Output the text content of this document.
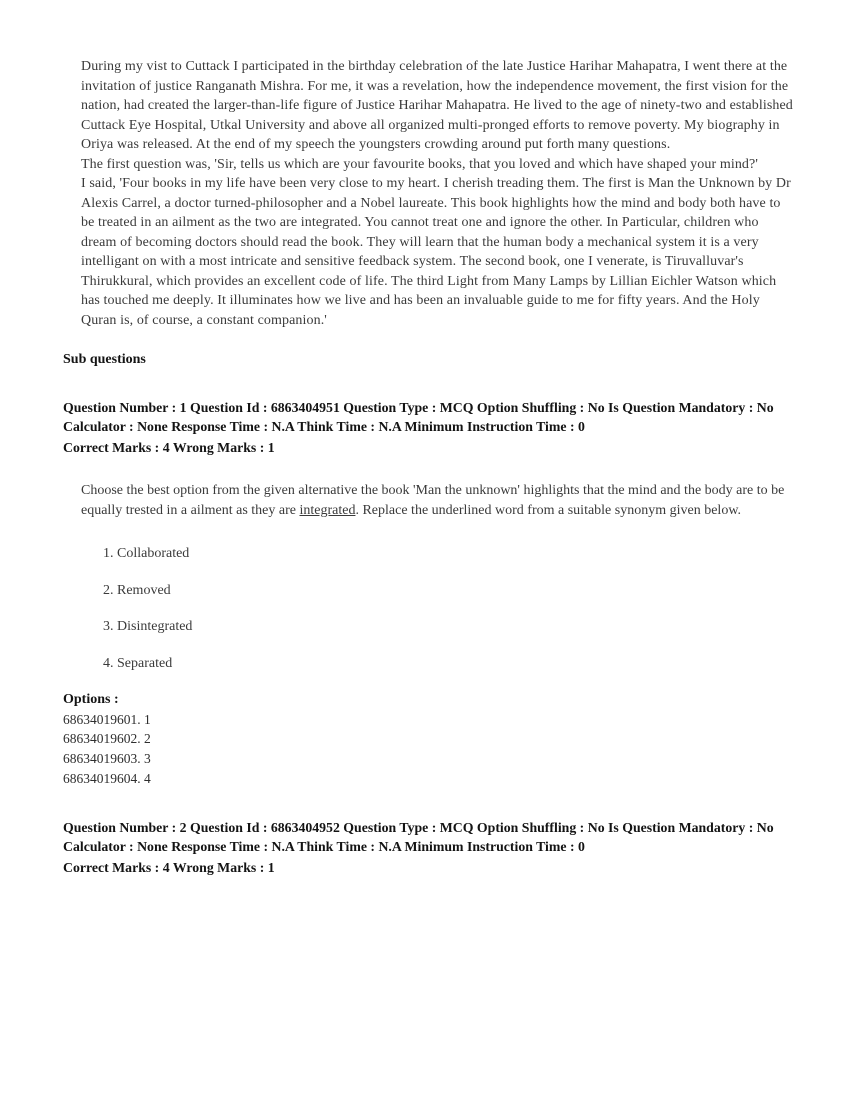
During my vist to Cuttack I participated in the birthday celebration of the late Justice Harihar Mahapatra, I went there at the invitation of justice Ranganath Mishra. For me, it was a revelation, how the independence movement, the first vision for the nation, had created the larger-than-life figure of Justice Harihar Mahapatra. He lived to the age of ninety-two and established Cuttack Eye Hospital, Utkal University and above all organized multi-pronged efforts to remove poverty. My biography in Oriya was released. At the end of my speech the youngsters crowding around put forth many questions.

The first question was, 'Sir, tells us which are your favourite books, that you loved and which have shaped your mind?'

I said, 'Four books in my life have been very close to my heart. I cherish treading them. The first is Man the Unknown by Dr Alexis Carrel, a doctor turned-philosopher and a Nobel laureate. This book highlights how the mind and body both have to be treated in an ailment as the two are integrated. You cannot treat one and ignore the other. In Particular, children who dream of becoming doctors should read the book. They will learn that the human body a mechanical system it is a very intelligant on with a most intricate and sensitive feedback system. The second book, one I venerate, is Tiruvalluvar's Thirukkural, which provides an excellent code of life. The third Light from Many Lamps by Lillian Eichler Watson which has touched me deeply. It illuminates how we live and has been an invaluable guide to me for fifty years. And the Holy Quran is, of course, a constant companion.'

Sub questions
Question Number : 1 Question Id : 6863404951 Question Type : MCQ Option Shuffling : No Is Question Mandatory : No Calculator : None Response Time : N.A Think Time : N.A Minimum Instruction Time : 0
Correct Marks : 4 Wrong Marks : 1
Choose the best option from the given alternative the book 'Man the unknown' highlights that the mind and the body are to be equally trested in a ailment as they are integrated. Replace the underlined word from a suitable synonym given below.
1. Collaborated
2. Removed
3. Disintegrated
4. Separated
Options :
68634019601. 1
68634019602. 2
68634019603. 3
68634019604. 4
Question Number : 2 Question Id : 6863404952 Question Type : MCQ Option Shuffling : No Is Question Mandatory : No Calculator : None Response Time : N.A Think Time : N.A Minimum Instruction Time : 0
Correct Marks : 4 Wrong Marks : 1
